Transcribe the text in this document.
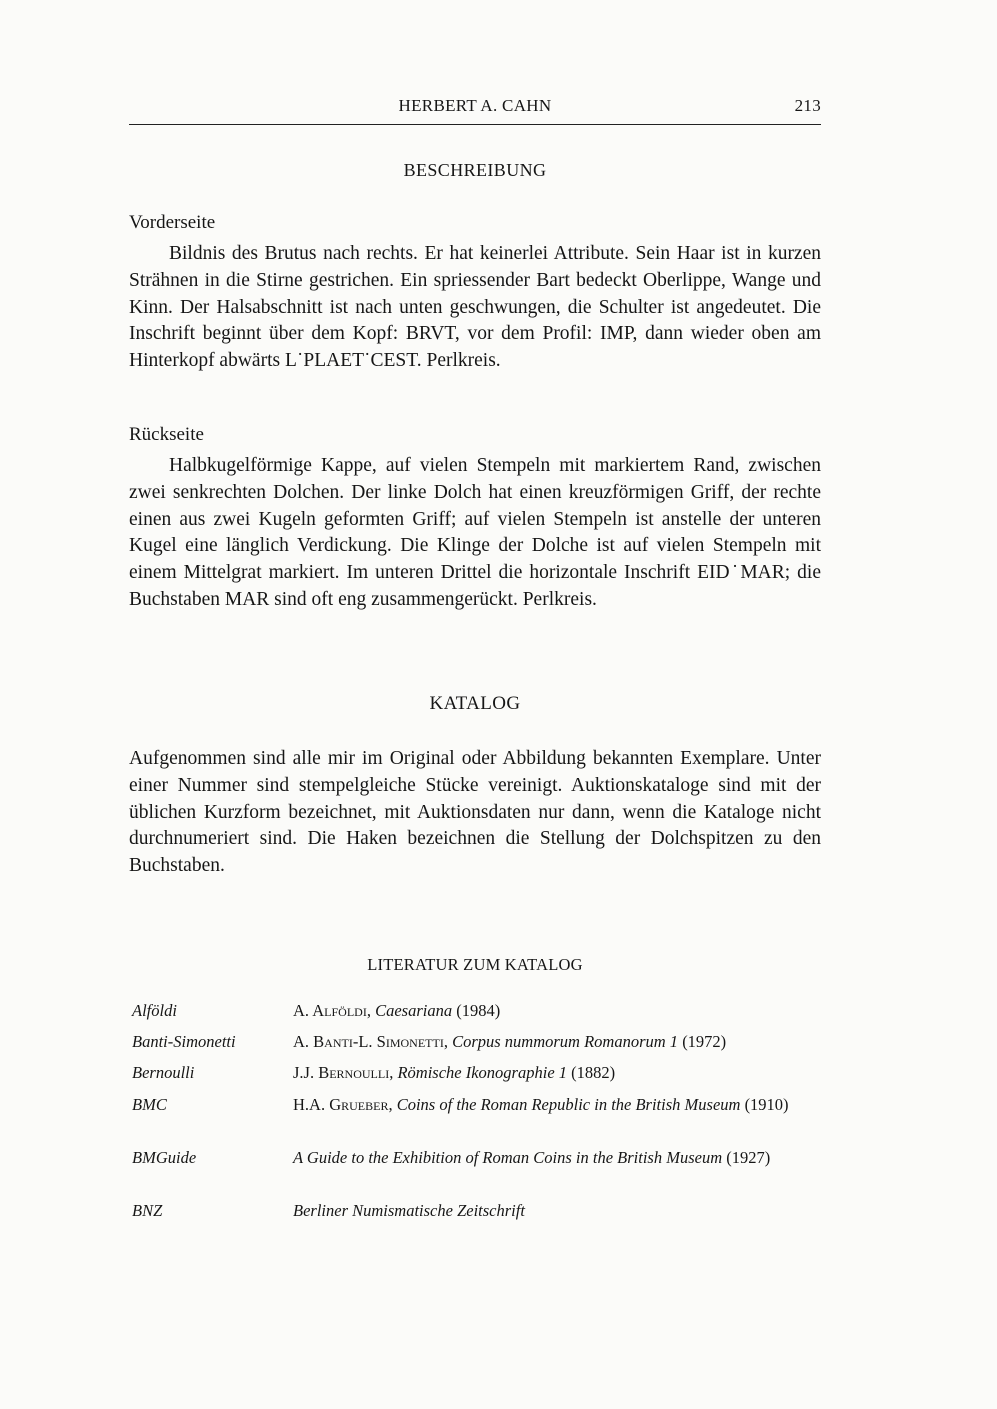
HERBERT A. CAHN	213
BESCHREIBUNG
Vorderseite

Bildnis des Brutus nach rechts. Er hat keinerlei Attribute. Sein Haar ist in kurzen Strähnen in die Stirne gestrichen. Ein spriessender Bart bedeckt Oberlippe, Wange und Kinn. Der Halsabschnitt ist nach unten geschwungen, die Schulter ist angedeutet. Die Inschrift beginnt über dem Kopf: BRVT, vor dem Profil: IMP, dann wieder oben am Hinterkopf abwärts L˙PLAET˙CEST. Perlkreis.

Rückseite

Halbkugelförmige Kappe, auf vielen Stempeln mit markiertem Rand, zwischen zwei senkrechten Dolchen. Der linke Dolch hat einen kreuzförmigen Griff, der rechte einen aus zwei Kugeln geformten Griff; auf vielen Stempeln ist anstelle der unteren Kugel eine länglich Verdickung. Die Klinge der Dolche ist auf vielen Stempeln mit einem Mittelgrat markiert. Im unteren Drittel die horizontale Inschrift EID˙MAR; die Buchstaben MAR sind oft eng zusammengerückt. Perlkreis.

KATALOG

Aufgenommen sind alle mir im Original oder Abbildung bekannten Exemplare. Unter einer Nummer sind stempelgleiche Stücke vereinigt. Auktionskataloge sind mit der üblichen Kurzform bezeichnet, mit Auktionsdaten nur dann, wenn die Kataloge nicht durchnumeriert sind. Die Haken bezeichnen die Stellung der Dolchspitzen zu den Buchstaben.

LITERATUR ZUM KATALOG
Alföldi	A. Alföldi, Caesariana (1984)
Banti-Simonetti	A. Banti-L. Simonetti, Corpus nummorum Romanorum 1 (1972)
Bernoulli	J.J. Bernoulli, Römische Ikonographie 1 (1882)
BMC	H.A. Grueber, Coins of the Roman Republic in the British Museum (1910)
BMGuide	A Guide to the Exhibition of Roman Coins in the British Museum (1927)
BNZ	Berliner Numismatische Zeitschrift
